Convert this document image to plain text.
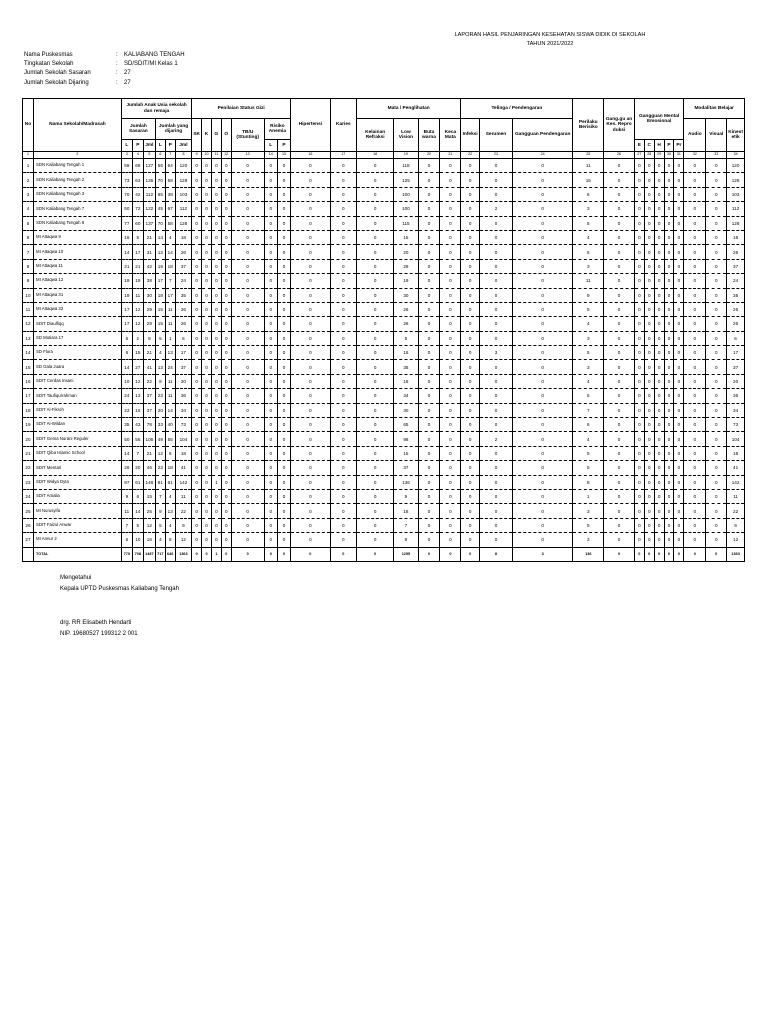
LAPORAN HASIL PENJARINGAN KESEHATAN SISWA DIDIK DI SEKOLAH
TAHUN 2021/2022
Nama Puskesmas	:	KALIABANG TENGAH
Tingkatan Sekolah	:	SD/SDIT/MI Kelas 1
Jumlah Sekolah Sasaran	:	27
Jumlah Sekolah Dijaring	:	27
No	Nama Sekolah/Madrasah	Jumlah Anak Usia sekolah dan remaja						Penilaian Status Gizi							Hipertensi	Karies	Mata / Penglihatan				Telinga / Pendengaran			Perilaku Berisiko	Gang.gu an Kes. Repro duksi	Gangguan Mental Emosional					Modalitas Belajar		
		Jumlah Sasaran			Jumlah yang dijaring			SK	K	G	O	TB/U (Stunting)	Risiko Anemia				Kelainan Refraksi	Low Vision	Buta warna	Keca Mata	Infeksi	Serumen	Gangguan Pendengaran								Audio	Visual	Kinest etik
		L	P	Jml	L	P	Jml						L	P												E	C	H	P	Pr			
1	2	3	4	5	6	7	8	9	10	11	12	13	14	15	16	17	18	19	20	21	22	23	24	25	26	27	28	29	30	31	32	33	34
1	SDN Kaliabang Tengah 1	59	68	127	56	64	120	0	0	0	0	0	0	0	0	0	0	118	0	0	0	0	0	11	0	0	0	0	0	0	0	0	120
2	SDN Kaliabang Tengah 2	73	63	136	70	58	128	0	0	0	0	0	0	0	0	0	0	125	0	0	0	0	0	15	0	0	0	0	0	0	0	0	128
3	SDN Kaliabang Tengah 3	70	42	112	65	38	103	0	0	0	0	0	0	0	0	0	0	100	0	0	0	0	0	6	0	0	0	0	0	0	0	0	103
4	SDN Kaliabang Tengah 7	50	72	122	45	67	112	0	0	0	0	0	0	0	0	0	0	100	0	0	0	2	0	3	0	0	0	0	0	0	0	0	112
5	SDN Kaliabang Tengah 8	77	60	137	70	58	128	0	0	0	0	0	0	0	0	0	0	115	0	0	0	0	0	5	0	0	0	0	0	0	0	0	128
6	MI Attaqwa 9	16	5	21	14	4	18	0	0	0	0	0	0	0	0	0	0	15	0	0	0	0	0	4	0	0	0	0	0	0	0	0	18
7	MI Attaqwa 10	14	17	31	12	14	26	0	0	0	0	0	0	0	0	0	0	20	0	0	0	0	0	6	0	0	0	0	0	0	0	0	26
8	MI Attaqwa 11	21	21	42	19	18	37	0	0	0	0	0	0	0	0	0	0	29	0	0	0	0	0	3	0	0	0	0	0	0	0	0	37
9	MI Attaqwa 12	19	19	38	17	7	24	0	0	0	0	0	0	0	0	0	0	19	0	0	0	0	0	11	0	0	0	0	0	0	0	0	24
10	MI Attaqwa 31	19	11	30	18	17	35	0	0	0	0	0	0	0	0	0	0	30	0	0	0	0	0	9	0	0	0	0	0	0	0	0	35
11	MI Attaqwa 32	17	12	29	15	11	26	0	0	0	0	0	0	0	0	0	0	26	0	0	0	0	0	5	0	0	0	0	0	0	0	0	26
12	SDIT Diaulfiqq	17	12	29	15	11	26	0	0	0	0	0	0	0	0	0	0	26	0	0	0	0	0	4	0	0	0	0	0	0	0	0	26
13	SD Mutiara 17	6	2	8	5	1	6	0	0	0	0	0	0	0	0	0	0	5	0	0	0	0	0	3	0	0	0	0	0	0	0	0	6
14	SD Flora	6	15	21	4	13	17	0	0	0	0	0	0	0	0	0	0	16	0	0	0	3	0	5	0	0	0	0	0	0	0	0	17
15	SD Gala Juara	14	27	41	13	24	37	0	0	0	0	0	0	0	0	0	0	35	0	0	0	0	0	3	0	0	0	0	0	0	0	0	37
16	SDIT Cerdas Insani	10	12	22	9	11	20	0	0	0	0	0	0	0	0	0	0	18	0	0	0	0	0	4	0	0	0	0	0	0	0	0	20
17	SDIT Taufiqurrahman	24	13	37	23	11	36	0	0	0	0	0	0	0	0	0	0	34	0	0	0	0	0	6	0	0	0	0	0	0	0	0	36
18	SDIT Al-Fikroh	22	15	37	20	14	34	0	0	0	0	0	0	0	0	0	0	30	0	0	0	0	0	7	0	0	0	0	0	0	0	0	34
19	SDIT Al-Wildan	35	43	78	33	40	73	0	0	0	0	0	0	0	0	0	0	65	0	0	0	0	0	6	0	0	0	0	0	0	0	0	73
20	SDIT Gema Nurani Reguler	50	56	106	49	55	104	0	0	0	0	0	0	0	0	0	0	98	0	0	0	2	0	4	0	0	0	0	0	0	0	0	104
21	SDIT Qiba Islamic School	14	7	21	12	6	18	0	0	0	0	0	0	0	0	0	0	15	0	0	0	0	0	5	0	0	0	0	0	0	0	0	18
22	SDIT Mentari	26	20	46	23	18	41	0	0	0	0	0	0	0	0	0	0	37	0	0	0	0	0	5	0	0	0	0	0	0	0	0	41
23	SDIT Widya Dyta	87	61	148	81	61	142	0	0	1	0	0	0	0	0	0	0	136	0	0	0	0	0	8	0	0	0	0	0	0	0	0	142
24	SDIT Amalia	9	6	15	7	4	11	0	0	0	0	0	0	0	0	0	0	9	0	0	0	0	0	1	0	0	0	0	0	0	0	0	11
25	MI Nurusyifa	11	14	25	9	13	22	0	0	0	0	0	0	0	0	0	0	18	0	0	0	0	0	3	0	0	0	0	0	0	0	0	22
26	SDIT Faizul Anwar	7	5	12	5	4	9	0	0	0	0	0	0	0	0	0	0	7	0	0	0	0	0	5	0	0	0	0	0	0	0	0	9
27	MI Annur 2	6	10	16	4	8	12	0	0	0	0	0	0	0	0	0	0	9	0	0	0	0	0	3	0	0	0	0	0	0	0	0	12
	TOTAL	779	708	1487	717	646	1363	0	0	1	0	0	0	0	0	0	0	1255	0	0	0	8	3	136	0	0	0	0	0	0	0	0	1363
Mengetahui
Kepala UPTD Puskesmas Kaliabang Tengah
drg. RR Elisabeth Hendarti
NIP. 19680527 199312 2 001
